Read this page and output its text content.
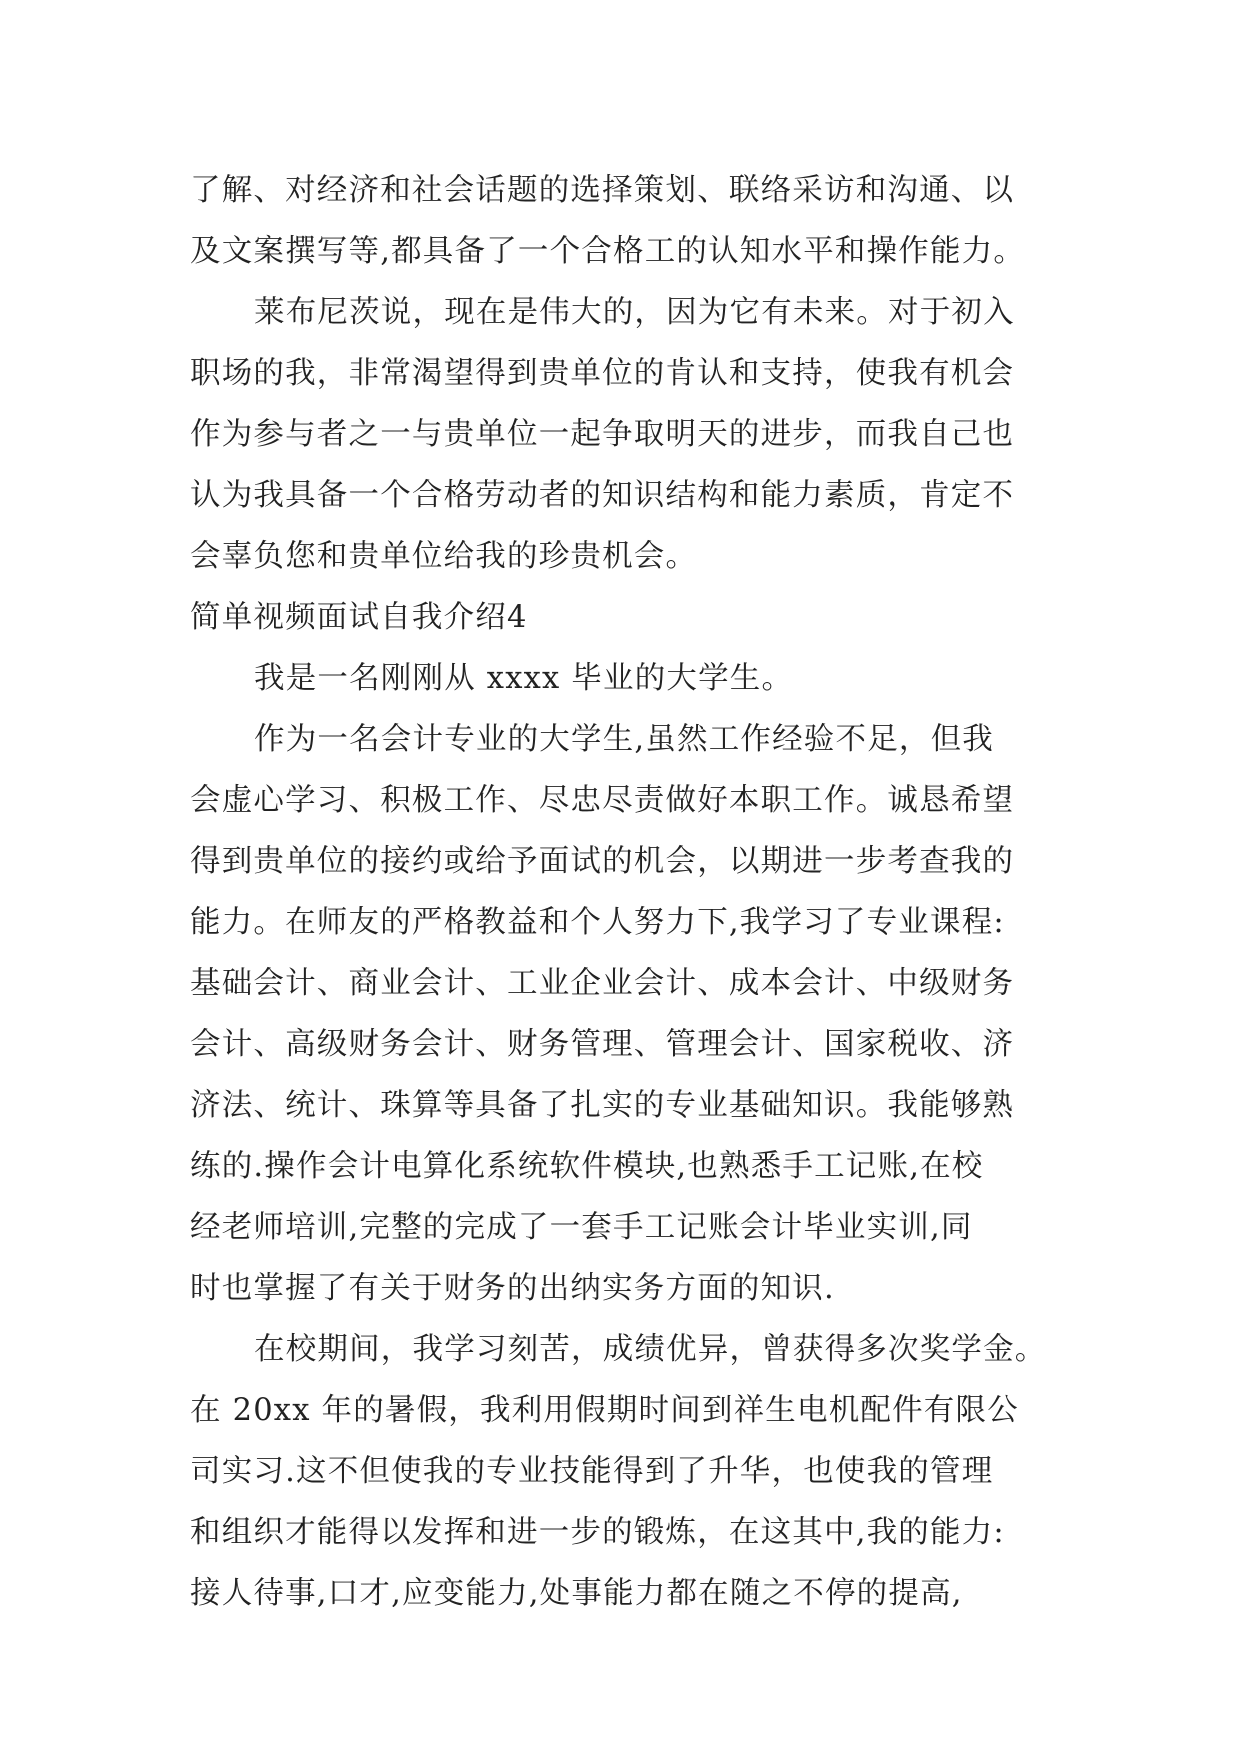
了解、对经济和社会话题的选择策划、联络采访和沟通、以
及文案撰写等,都具备了一个合格工的认知水平和操作能力。
莱布尼茨说，现在是伟大的，因为它有未来。对于初入
职场的我，非常渴望得到贵单位的肯认和支持，使我有机会
作为参与者之一与贵单位一起争取明天的进步，而我自己也
认为我具备一个合格劳动者的知识结构和能力素质，肯定不
会辜负您和贵单位给我的珍贵机会。
简单视频面试自我介绍4
我是一名刚刚从 xxxx 毕业的大学生。
作为一名会计专业的大学生,虽然工作经验不足，但我
会虚心学习、积极工作、尽忠尽责做好本职工作。诚恳希望
得到贵单位的接约或给予面试的机会，以期进一步考查我的
能力。在师友的严格教益和个人努力下,我学习了专业课程:
基础会计、商业会计、工业企业会计、成本会计、中级财务
会计、高级财务会计、财务管理、管理会计、国家税收、济
济法、统计、珠算等具备了扎实的专业基础知识。我能够熟
练的.操作会计电算化系统软件模块,也熟悉手工记账,在校
经老师培训,完整的完成了一套手工记账会计毕业实训,同
时也掌握了有关于财务的出纳实务方面的知识.
在校期间，我学习刻苦，成绩优异，曾获得多次奖学金。
在 20xx 年的暑假，我利用假期时间到祥生电机配件有限公
司实习.这不但使我的专业技能得到了升华，也使我的管理
和组织才能得以发挥和进一步的锻炼，在这其中,我的能力:
接人待事,口才,应变能力,处事能力都在随之不停的提高,
